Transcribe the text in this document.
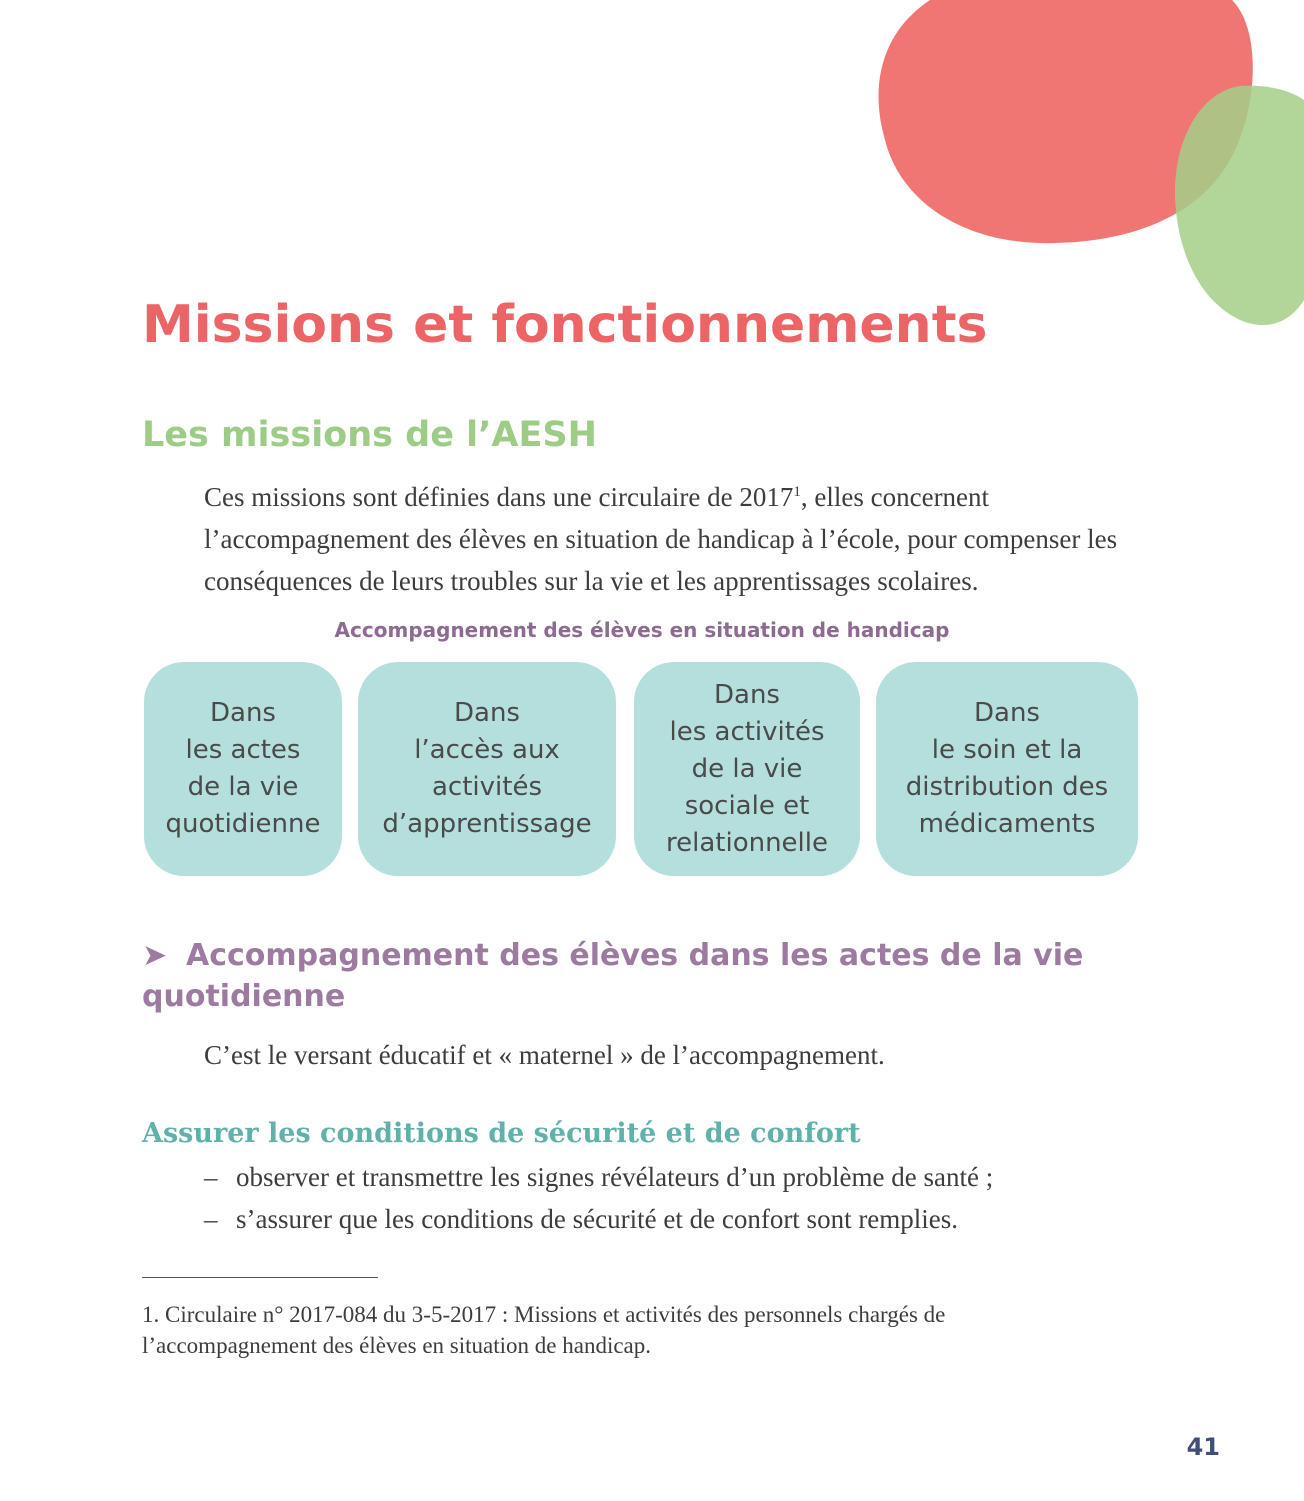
Missions et fonctionnements
Les missions de l’AESH

Ces missions sont définies dans une circulaire de 2017$^1$, elles concernent l’accompagnement des élèves en situation de handicap à l’école, pour compenser les conséquences de leurs troubles sur la vie et les apprentissages scolaires.

Accompagnement des élèves en situation de handicap
Dans
les actes
de la vie
quotidienne
Dans
l’accès aux
activités
d’apprentissage
Dans
les activités
de la vie
sociale et
relationnelle
Dans
le soin et la
distribution des
médicaments
➤ Accompagnement des élèves dans les actes de la vie quotidienne

C’est le versant éducatif et « maternel » de l’accompagnement.

Assurer les conditions de sécurité et de confort
– observer et transmettre les signes révélateurs d’un problème de santé ;
– s’assurer que les conditions de sécurité et de confort sont remplies.

1. Circulaire n° 2017-084 du 3-5-2017 : Missions et activités des personnels chargés de l’accompagnement des élèves en situation de handicap.

41
